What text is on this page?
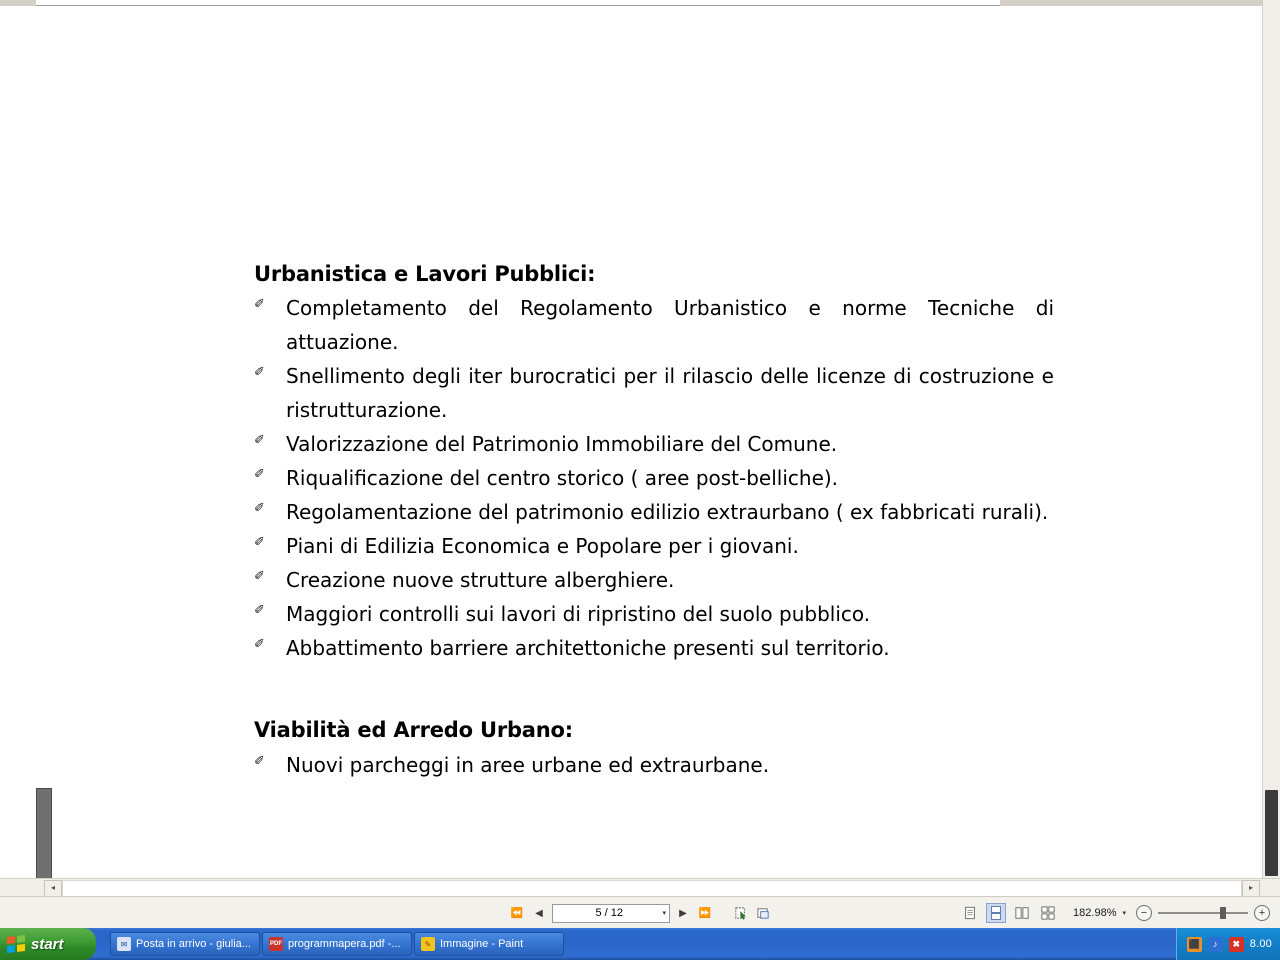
Urbanistica e Lavori Pubblici:
✐	Completamento del Regolamento Urbanistico e norme Tecniche di attuazione.
✐	Snellimento degli iter burocratici per il rilascio delle licenze di costruzione e ristrutturazione.
✐	Valorizzazione del Patrimonio Immobiliare del Comune.
✐	Riqualificazione del centro storico ( aree post-belliche).
✐	Regolamentazione del patrimonio edilizio extraurbano ( ex fabbricati rurali).
✐	Piani di Edilizia Economica e Popolare per i giovani.
✐	Creazione nuove strutture alberghiere.
✐	Maggiori controlli sui lavori di ripristino del suolo pubblico.
✐	Abbattimento barriere architettoniche presenti sul territorio.
Viabilità ed Arredo Urbano:
✐	Nuovi parcheggi in aree urbane ed extraurbane.
◂	▸
⏪	◀	5 / 12	▾	▶	⏩	182.98% ▾	−	+
start	✉ Posta in arrivo - giulia...	PDF programmapera.pdf -...	✎ Immagine - Paint	⬛	♪	✖ 8.00
